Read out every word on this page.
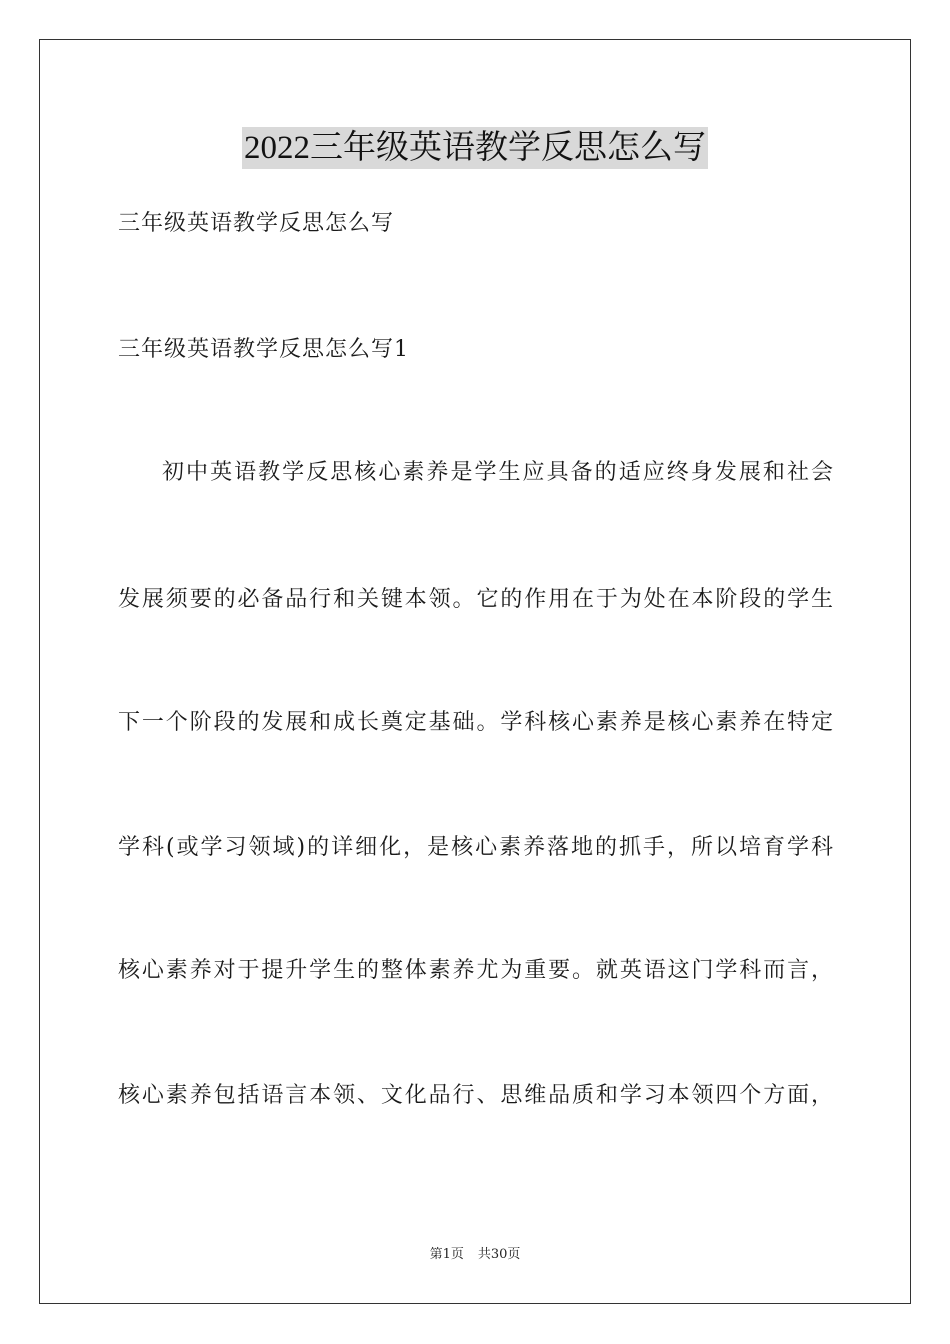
2022三年级英语教学反思怎么写
三年级英语教学反思怎么写
三年级英语教学反思怎么写1
初中英语教学反思核心素养是学生应具备的适应终身发展和社会
发展须要的必备品行和关键本领。它的作用在于为处在本阶段的学生
下一个阶段的发展和成长奠定基础。学科核心素养是核心素养在特定
学科(或学习领域)的详细化，是核心素养落地的抓手，所以培育学科
核心素养对于提升学生的整体素养尤为重要。就英语这门学科而言，
核心素养包括语言本领、文化品行、思维品质和学习本领四个方面，
第1页 共30页
